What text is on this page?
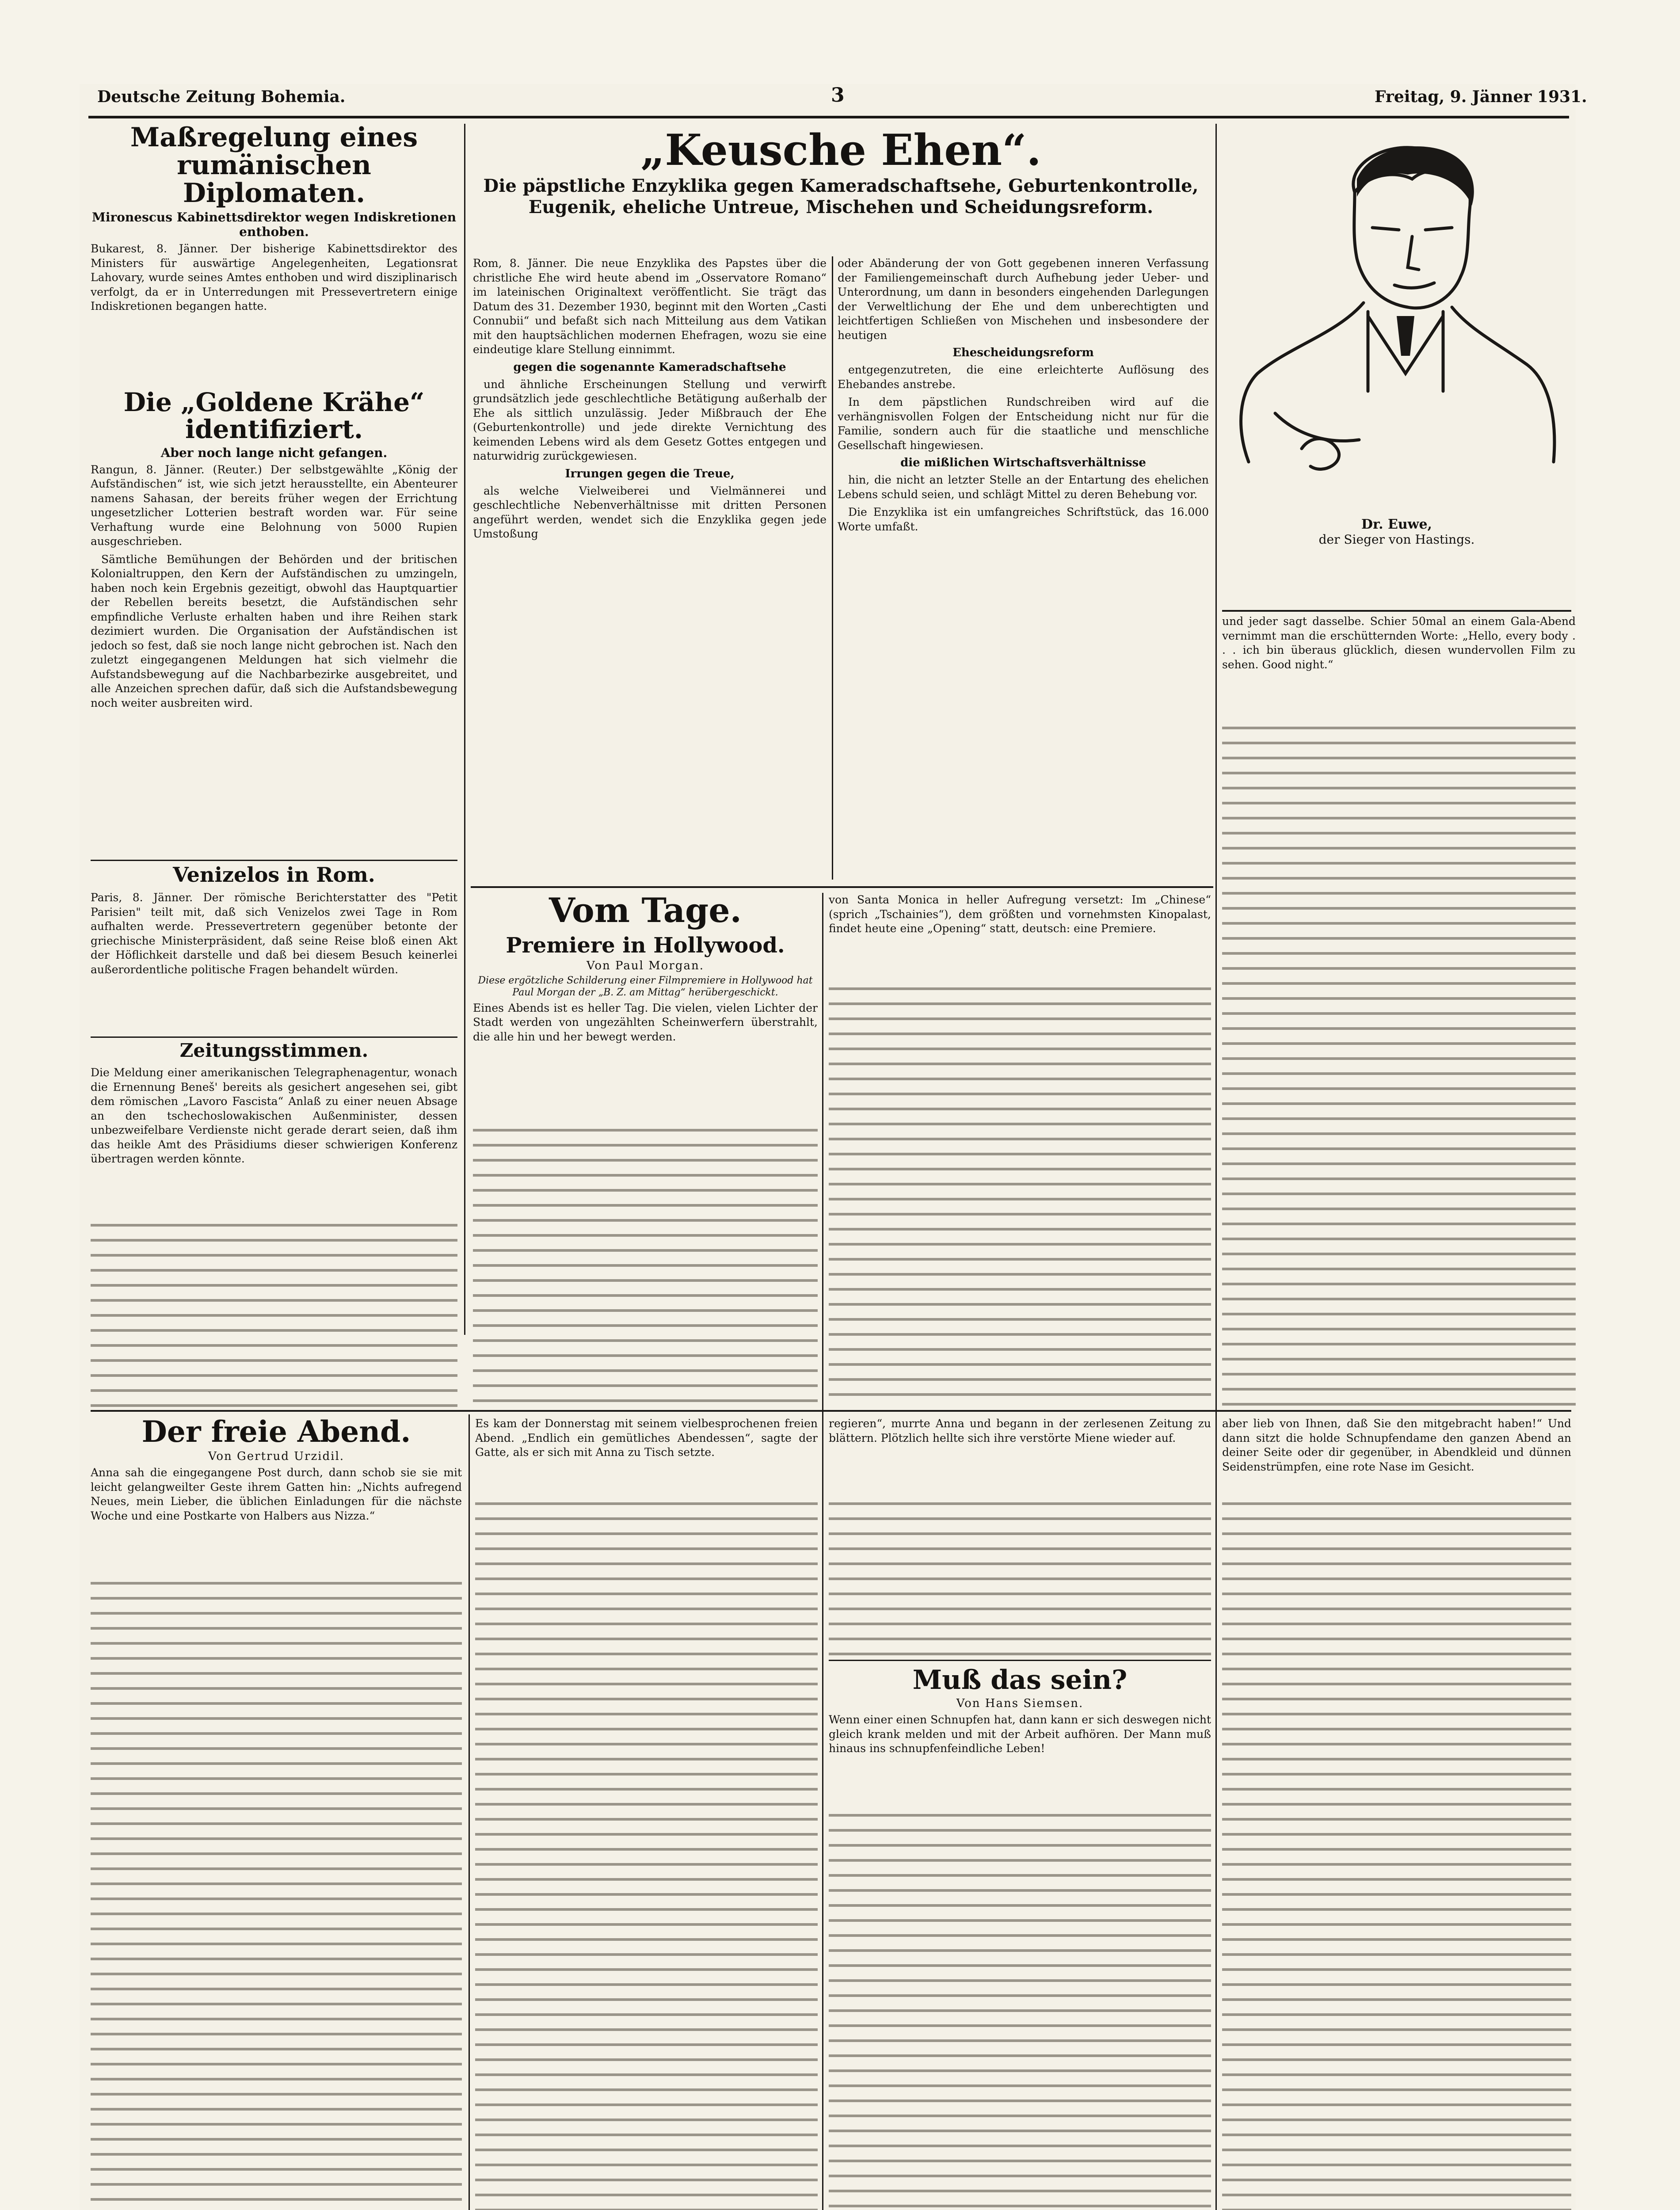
Deutsche Zeitung Bohemia.	3	Freitag, 9. Jänner 1931.
Maßregelung eines rumänischen Diplomaten.

Mironescus Kabinettsdirektor wegen Indiskretionen enthoben.

Bukarest, 8. Jänner. Der bisherige Kabinettsdirektor des Ministers für auswärtige Angelegenheiten, Legationsrat Lahovary, wurde seines Amtes enthoben und wird disziplinarisch verfolgt, da er in Unterredungen mit Pressevertretern einige Indiskretionen begangen hatte.

Die „Goldene Krähe“ identifiziert.

Aber noch lange nicht gefangen.

Rangun, 8. Jänner. (Reuter.) Der selbstgewählte „König der Aufständischen“ ist, wie sich jetzt herausstellte, ein Abenteurer namens Sahasan, der bereits früher wegen der Errichtung ungesetzlicher Lotterien bestraft worden war. Für seine Verhaftung wurde eine Belohnung von 5000 Rupien ausgeschrieben.

Sämtliche Bemühungen der Behörden und der britischen Kolonialtruppen, den Kern der Aufständischen zu umzingeln, haben noch kein Ergebnis gezeitigt, obwohl das Hauptquartier der Rebellen bereits besetzt, die Aufständischen sehr empfindliche Verluste erhalten haben und ihre Reihen stark dezimiert wurden. Die Organisation der Aufständischen ist jedoch so fest, daß sie noch lange nicht gebrochen ist. Nach den zuletzt eingegangenen Meldungen hat sich vielmehr die Aufstandsbewegung auf die Nachbarbezirke ausgebreitet, und alle Anzeichen sprechen dafür, daß sich die Aufstandsbewegung noch weiter ausbreiten wird.

Venizelos in Rom.

Paris, 8. Jänner. Der römische Berichterstatter des "Petit Parisien" teilt mit, daß sich Venizelos zwei Tage in Rom aufhalten werde. Pressevertretern gegenüber betonte der griechische Ministerpräsident, daß seine Reise bloß einen Akt der Höflichkeit darstelle und daß bei diesem Besuch keinerlei außerordentliche politische Fragen behandelt würden.

Zeitungsstimmen.

Die Meldung einer amerikanischen Telegraphenagentur, wonach die Ernennung Beneš' bereits als gesichert angesehen sei, gibt dem römischen „Lavoro Fascista“ Anlaß zu einer neuen Absage an den tschechoslowakischen Außenminister, dessen unbezweifelbare Verdienste nicht gerade derart seien, daß ihm das heikle Amt des Präsidiums dieser schwierigen Konferenz übertragen werden könnte.

„Keusche Ehen“.

Die päpstliche Enzyklika gegen Kameradschaftsehe, Geburtenkontrolle, Eugenik, eheliche Untreue, Mischehen und Scheidungsreform.

Rom, 8. Jänner. Die neue Enzyklika des Papstes über die christliche Ehe wird heute abend im „Osservatore Romano“ im lateinischen Originaltext veröffentlicht. Sie trägt das Datum des 31. Dezember 1930, beginnt mit den Worten „Casti Connubii“ und befaßt sich nach Mitteilung aus dem Vatikan mit den hauptsächlichen modernen Ehefragen, wozu sie eine eindeutige klare Stellung einnimmt.

gegen die sogenannte Kameradschaftsehe

und ähnliche Erscheinungen Stellung und verwirft grundsätzlich jede geschlechtliche Betätigung außerhalb der Ehe als sittlich unzulässig. Jeder Mißbrauch der Ehe (Geburtenkontrolle) und jede direkte Vernichtung des keimenden Lebens wird als dem Gesetz Gottes entgegen und naturwidrig zurückgewiesen.

Irrungen gegen die Treue,

als welche Vielweiberei und Vielmännerei und geschlechtliche Nebenverhältnisse mit dritten Personen angeführt werden, wendet sich die Enzyklika gegen jede Umstoßung

oder Abänderung der von Gott gegebenen inneren Verfassung der Familiengemeinschaft durch Aufhebung jeder Ueber- und Unterordnung, um dann in besonders eingehenden Darlegungen der Verweltlichung der Ehe und dem unberechtigten und leichtfertigen Schließen von Mischehen und insbesondere der heutigen

Ehescheidungsreform

entgegenzutreten, die eine erleichterte Auflösung des Ehebandes anstrebe.

In dem päpstlichen Rundschreiben wird auf die verhängnisvollen Folgen der Entscheidung nicht nur für die Familie, sondern auch für die staatliche und menschliche Gesellschaft hingewiesen.

die mißlichen Wirtschaftsverhältnisse

hin, die nicht an letzter Stelle an der Entartung des ehelichen Lebens schuld seien, und schlägt Mittel zu deren Behebung vor.

Die Enzyklika ist ein umfangreiches Schriftstück, das 16.000 Worte umfaßt.

Vom Tage.
Premiere in Hollywood.

Von Paul Morgan.

Diese ergötzliche Schilderung einer Filmpremiere in Hollywood hat Paul Morgan der „B. Z. am Mittag“ herübergeschickt.

Eines Abends ist es heller Tag. Die vielen, vielen Lichter der Stadt werden von ungezählten Scheinwerfern überstrahlt, die alle hin und her bewegt werden.

von Santa Monica in heller Aufregung versetzt: Im „Chinese“ (sprich „Tschainies“), dem größten und vornehmsten Kinopalast, findet heute eine „Opening“ statt, deutsch: eine Premiere.

und jeder sagt dasselbe. Schier 50mal an einem Gala-Abend vernimmt man die erschütternden Worte: „Hello, every body . . . ich bin überaus glücklich, diesen wundervollen Film zu sehen. Good night.“

Dr. Euwe,
der Sieger von Hastings.
Der freie Abend.

Von Gertrud Urzidil.

Anna sah die eingegangene Post durch, dann schob sie sie mit leicht gelangweilter Geste ihrem Gatten hin: „Nichts aufregend Neues, mein Lieber, die üblichen Einladungen für die nächste Woche und eine Postkarte von Halbers aus Nizza.“

Es kam der Donnerstag mit seinem vielbesprochenen freien Abend. „Endlich ein gemütliches Abendessen“, sagte der Gatte, als er sich mit Anna zu Tisch setzte.

regieren“, murrte Anna und begann in der zerlesenen Zeitung zu blättern. Plötzlich hellte sich ihre verstörte Miene wieder auf.

Muß das sein?

Von Hans Siemsen.

Wenn einer einen Schnupfen hat, dann kann er sich deswegen nicht gleich krank melden und mit der Arbeit aufhören. Der Mann muß hinaus ins schnupfenfeindliche Leben!

aber lieb von Ihnen, daß Sie den mitgebracht haben!“ Und dann sitzt die holde Schnupfendame den ganzen Abend an deiner Seite oder dir gegenüber, in Abendkleid und dünnen Seidenstrümpfen, eine rote Nase im Gesicht.
